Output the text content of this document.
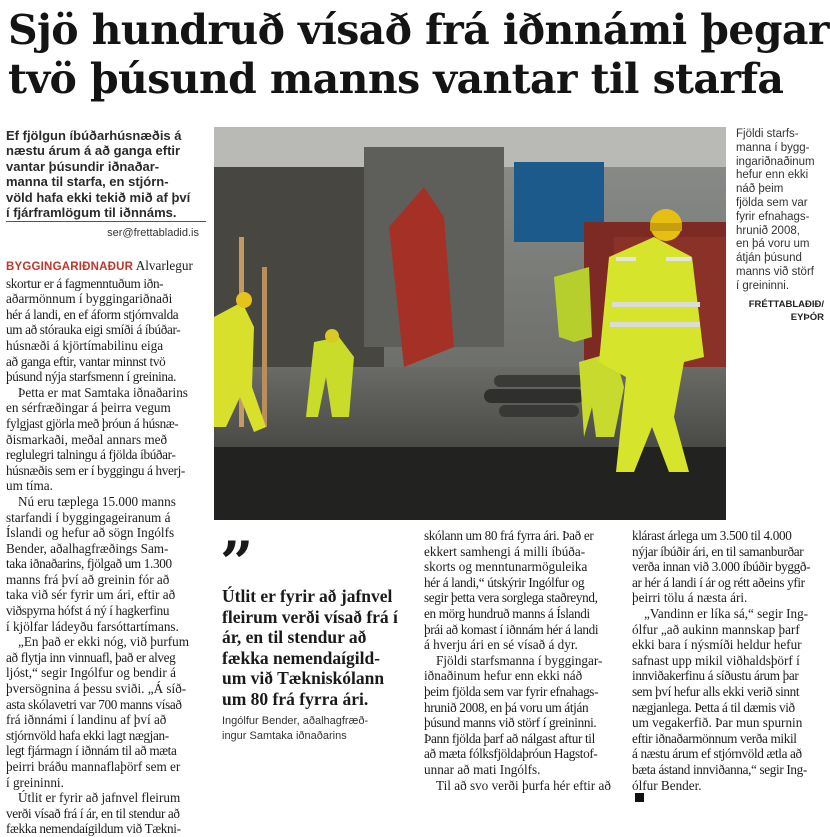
Sjö hundruð vísað frá iðnnámi þegar
tvö þúsund manns vantar til starfa
Ef fjölgun íbúðarhúsnæðis á
næstu árum á að ganga eftir
vantar þúsundir iðnaðar-
manna til starfa, en stjórn-
völd hafa ekki tekið mið af því
í fjárframlögum til iðnnáms.
ser@frettabladid.is
Fjöldi starfs-
manna í bygg-
ingariðnaðinum
hefur enn ekki
náð þeim
fjölda sem var
fyrir efnahags-
hrunið 2008,
en þá voru um
átján þúsund
manns við störf
í greininni.
FRÉTTABLAÐIÐ/
EYÞÓR
BYGGINGARIÐNAÐUR Alvarlegur
skortur er á fagmenntuðum iðn-
aðarmönnum í byggingariðnaði
hér á landi, en ef áform stjórnvalda
um að stórauka eigi smíði á íbúðar-
húsnæði á kjörtímabilinu eiga
að ganga eftir, vantar minnst tvö
þúsund nýja starfsmenn í greinina.
Þetta er mat Samtaka iðnaðarins
en sérfræðingar á þeirra vegum
fylgjast gjörla með þróun á húsnæ-
ðismarkaði, meðal annars með
reglulegri talningu á fjölda íbúðar-
húsnæðis sem er í byggingu á hverj-
um tíma.
Nú eru tæplega 15.000 manns
starfandi í byggingageiranum á
Íslandi og hefur að sögn Ingólfs
Bender, aðalhagfræðings Sam-
taka iðnaðarins, fjölgað um 1.300
manns frá því að greinin fór að
taka við sér fyrir um ári, eftir að
viðspyrna hófst á ný í hagkerfinu
í kjölfar ládeyðu farsóttartímans.
„En það er ekki nóg, við þurfum
að flytja inn vinnuafl, það er alveg
ljóst,“ segir Ingólfur og bendir á
þversögnina á þessu sviði. „Á síð-
asta skólavetri var 700 manns vísað
frá iðnnámi í landinu af því að
stjórnvöld hafa ekki lagt nægjan-
legt fjármagn í iðnnám til að mæta
þeirri bráðu mannaflaþörf sem er
í greininni.
Útlit er fyrir að jafnvel fleirum
verði vísað frá í ár, en til stendur að
fækka nemendaígildum við Tækni-
”
Útlit er fyrir að jafnvel
fleirum verði vísað frá í
ár, en til stendur að
fækka nemendaígild-
um við Tækniskólann
um 80 frá fyrra ári.
Ingólfur Bender, aðalhagfræð-
ingur Samtaka iðnaðarins
skólann um 80 frá fyrra ári. Það er
ekkert samhengi á milli íbúða-
skorts og menntunarmöguleika
hér á landi,“ útskýrir Ingólfur og
segir þetta vera sorglega staðreynd,
en mörg hundruð manns á Íslandi
þrái að komast í iðnnám hér á landi
á hverju ári en sé vísað á dyr.
Fjöldi starfsmanna í byggingar-
iðnaðinum hefur enn ekki náð
þeim fjölda sem var fyrir efnahags-
hrunið 2008, en þá voru um átján
þúsund manns við störf í greininni.
Þann fjölda þarf að nálgast aftur til
að mæta fólksfjöldaþróun Hagstof-
unnar að mati Ingólfs.
Til að svo verði þurfa hér eftir að
klárast árlega um 3.500 til 4.000
nýjar íbúðir ári, en til samanburðar
verða innan við 3.000 íbúðir byggð-
ar hér á landi í ár og rétt aðeins yfir
þeirri tölu á næsta ári.
„Vandinn er líka sá,“ segir Ing-
ólfur „að aukinn mannskap þarf
ekki bara í nýsmíði heldur hefur
safnast upp mikil viðhaldsþörf í
innviðakerfinu á síðustu árum þar
sem því hefur alls ekki verið sinnt
nægjanlega. Þetta á til dæmis við
um vegakerfið. Þar mun spurnin
eftir iðnaðarmönnum verða mikil
á næstu árum ef stjórnvöld ætla að
bæta ástand innviðanna,“ segir Ing-
ólfur Bender.
